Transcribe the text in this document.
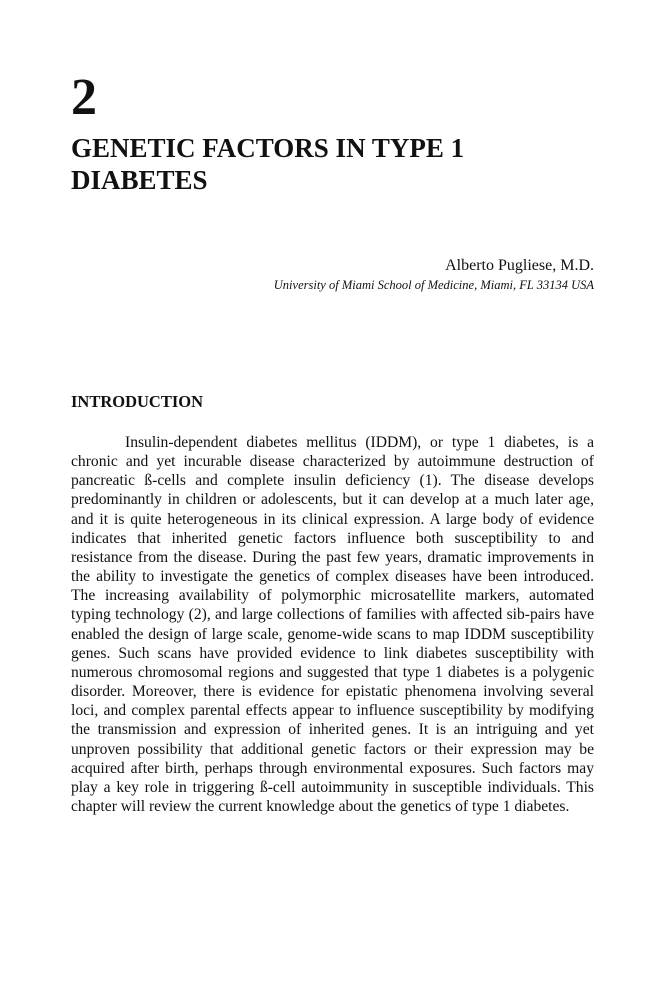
2
GENETIC FACTORS IN TYPE 1 DIABETES

Alberto Pugliese, M.D.

University of Miami School of Medicine, Miami, FL 33134 USA

INTRODUCTION

Insulin-dependent diabetes mellitus (IDDM), or type 1 diabetes, is a chronic and yet incurable disease characterized by autoimmune destruction of pancreatic ß-cells and complete insulin deficiency (1). The disease develops predominantly in children or adolescents, but it can develop at a much later age, and it is quite heterogeneous in its clinical expression. A large body of evidence indicates that inherited genetic factors influence both susceptibility to and resistance from the disease. During the past few years, dramatic improvements in the ability to investigate the genetics of complex diseases have been introduced. The increasing availability of polymorphic microsatellite markers, automated typing technology (2), and large collections of families with affected sib-pairs have enabled the design of large scale, genome-wide scans to map IDDM susceptibility genes. Such scans have provided evidence to link diabetes susceptibility with numerous chromosomal regions and suggested that type 1 diabetes is a polygenic disorder. Moreover, there is evidence for epistatic phenomena involving several loci, and complex parental effects appear to influence susceptibility by modifying the transmission and expression of inherited genes. It is an intriguing and yet unproven possibility that additional genetic factors or their expression may be acquired after birth, perhaps through environmental exposures. Such factors may play a key role in triggering ß-cell autoimmunity in susceptible individuals. This chapter will review the current knowledge about the genetics of type 1 diabetes.
